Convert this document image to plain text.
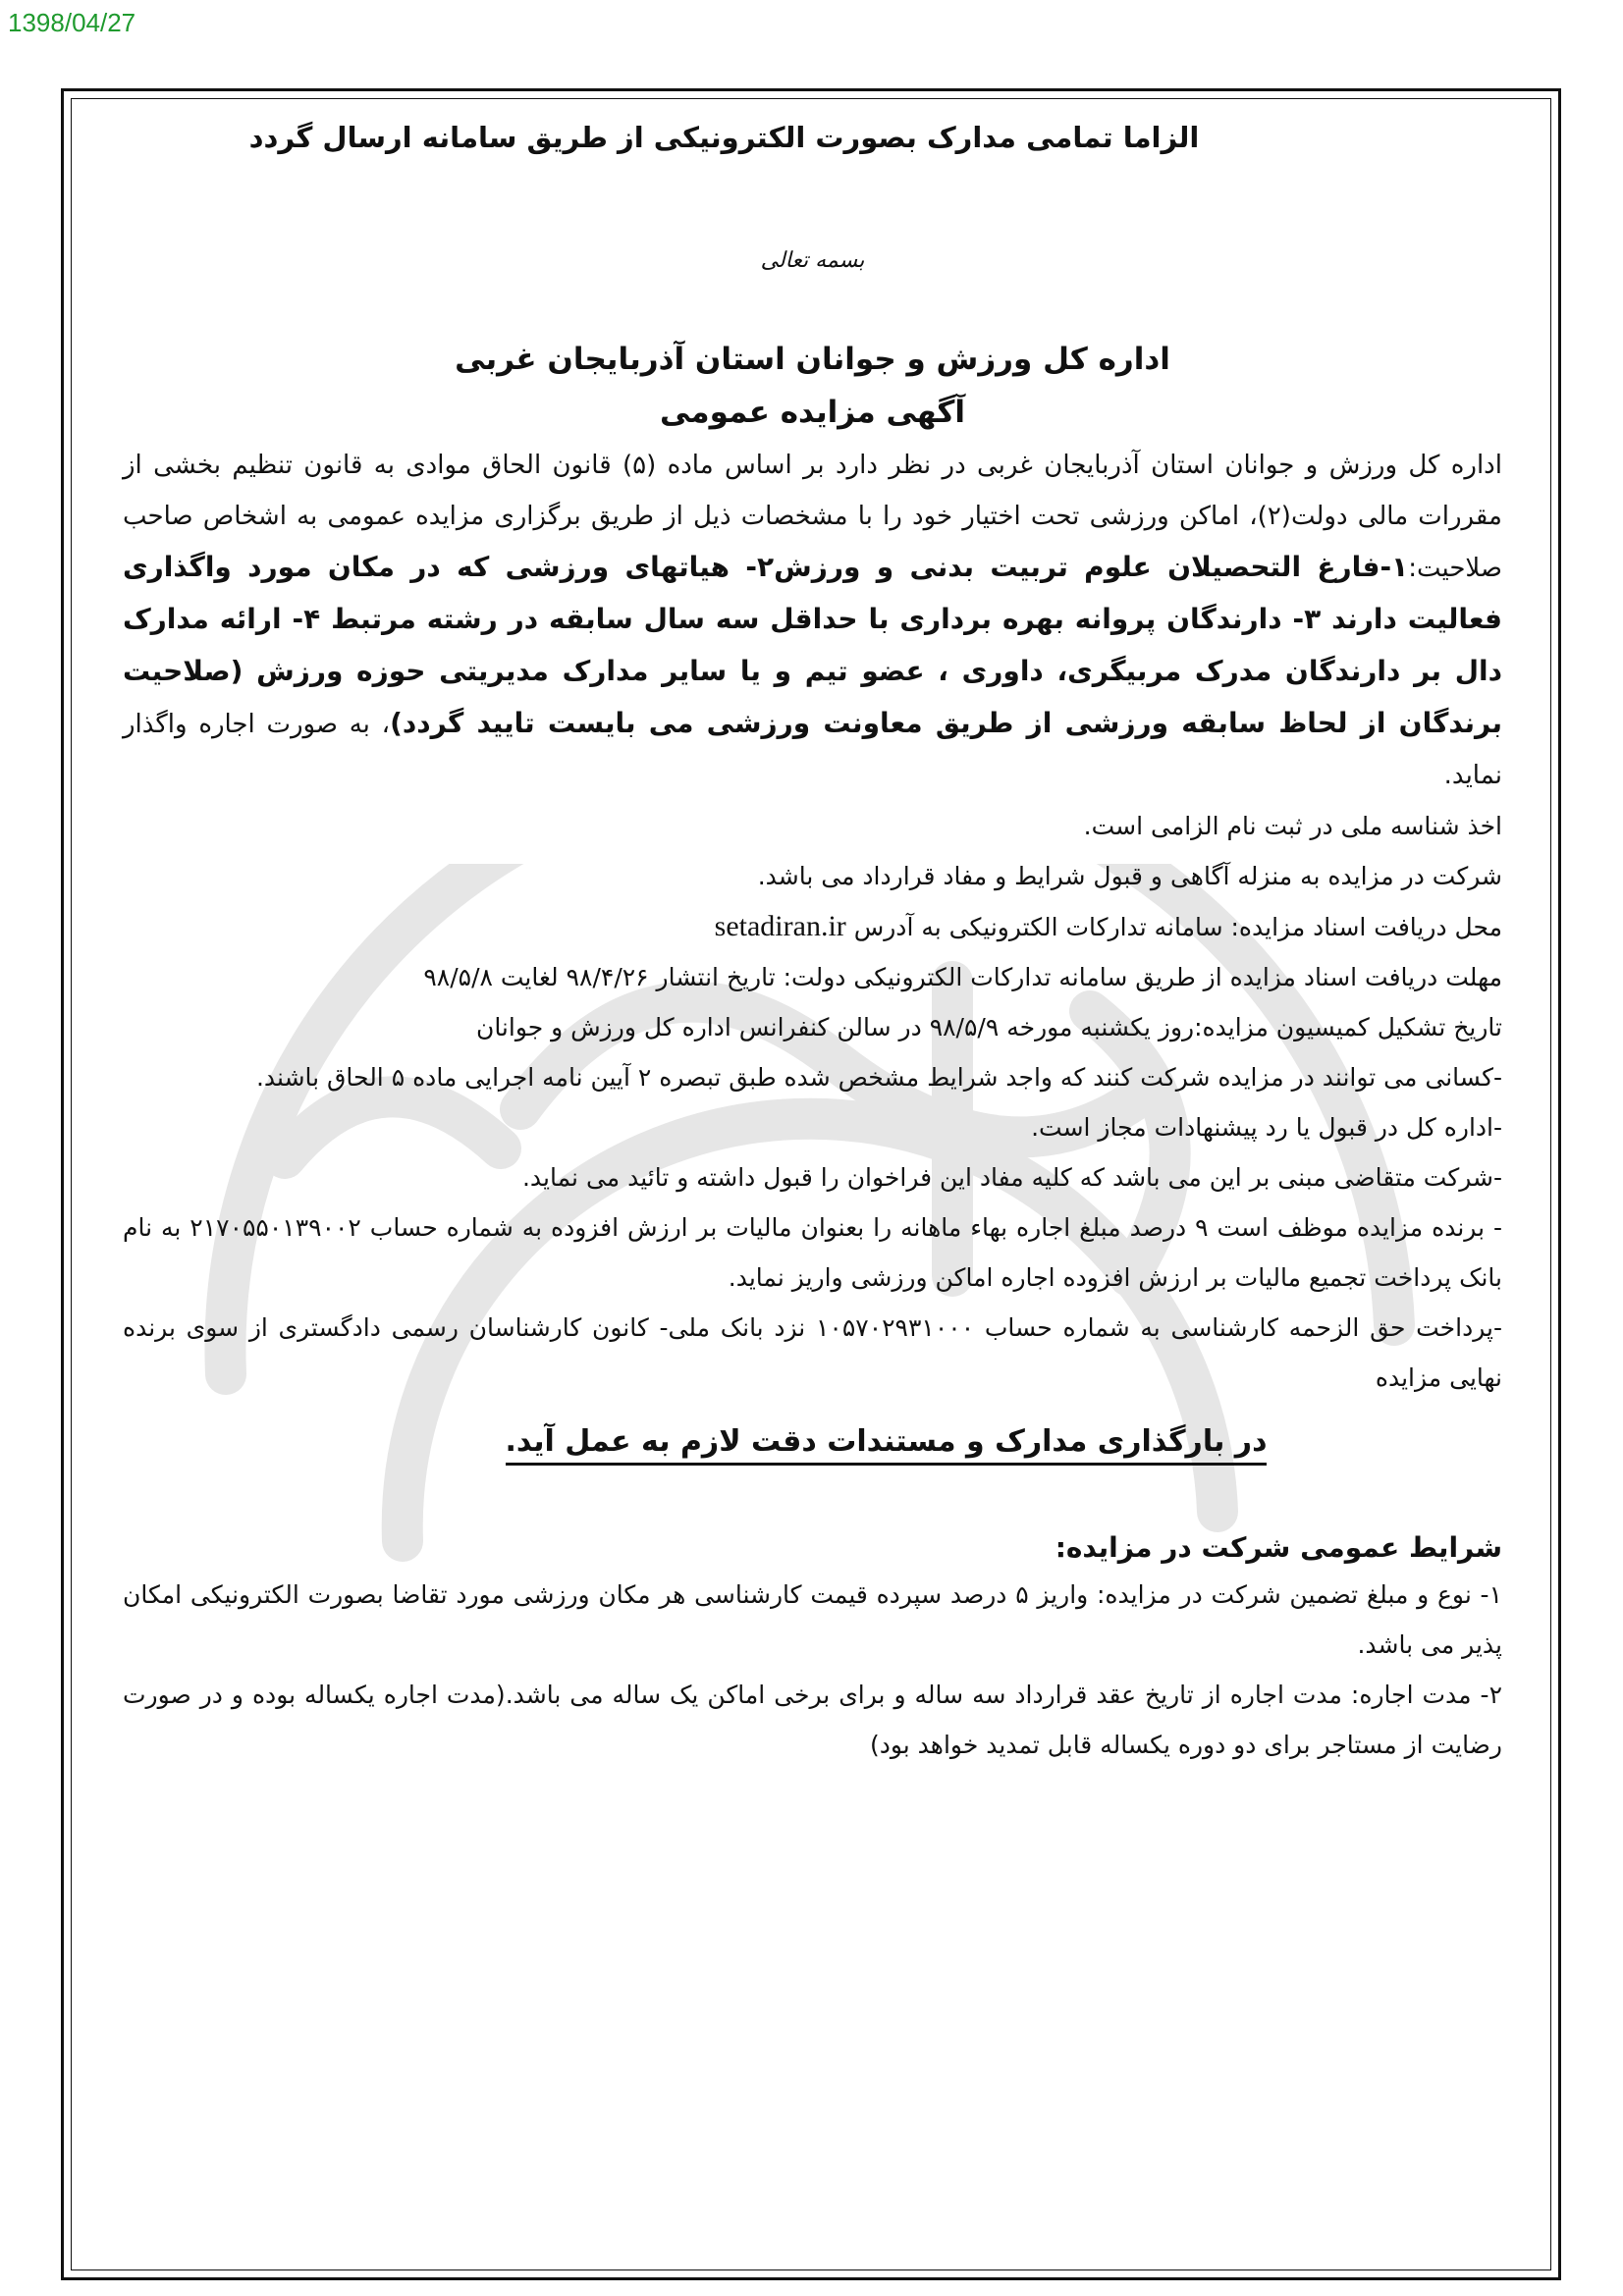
1398/04/27

الزاما تمامی مدارک بصورت الکترونیکی از طریق سامانه ارسال گردد

بسمه تعالی

اداره کل ورزش و جوانان استان آذربایجان غربی

آگهی مزایده عمومی

اداره کل ورزش و جوانان استان آذربایجان غربی در نظر دارد بر اساس ماده (۵) قانون الحاق موادی به قانون تنظیم بخشی از مقررات مالی دولت(۲)، اماکن ورزشی تحت اختیار خود را با مشخصات ذیل از طریق برگزاری مزایده عمومی به اشخاص صاحب صلاحیت:۱-فارغ التحصیلان علوم تربیت بدنی و ورزش۲- هیاتهای ورزشی که در مکان مورد واگذاری فعالیت دارند ۳- دارندگان پروانه بهره برداری با حداقل سه سال سابقه در رشته مرتبط ۴- ارائه مدارک دال بر دارندگان مدرک مربیگری، داوری ، عضو تیم و یا سایر مدارک مدیریتی حوزه ورزش (صلاحیت برندگان از لحاظ سابقه ورزشی از طریق معاونت ورزشی می بایست تایید گردد)، به صورت اجاره واگذار نماید.

اخذ شناسه ملی در ثبت نام الزامی است.

شرکت در مزایده به منزله آگاهی و قبول شرایط و مفاد قرارداد می باشد.

محل دریافت اسناد مزایده: سامانه تدارکات الکترونیکی به آدرس setadiran.ir

مهلت دریافت اسناد مزایده از طریق سامانه تدارکات الکترونیکی دولت: تاریخ انتشار ۹۸/۴/۲۶ لغایت ۹۸/۵/۸

تاریخ تشکیل کمیسیون مزایده:روز یکشنبه مورخه ۹۸/۵/۹ در سالن کنفرانس اداره کل ورزش و جوانان

-کسانی می توانند در مزایده شرکت کنند که واجد شرایط مشخص شده طبق تبصره ۲ آیین نامه اجرایی ماده ۵ الحاق باشند.

-اداره کل در قبول یا رد پیشنهادات مجاز است.

-شرکت متقاضی مبنی بر این می باشد که کلیه مفاد این فراخوان را قبول داشته و تائید می نماید.

- برنده مزایده موظف است ۹ درصد مبلغ اجاره بهاء ماهانه را بعنوان مالیات بر ارزش افزوده به شماره حساب ۲۱۷۰۵۵۰۱۳۹۰۰۲ به نام بانک پرداخت تجمیع مالیات بر ارزش افزوده اجاره اماکن ورزشی واریز نماید.

-پرداخت حق الزحمه کارشناسی به شماره حساب ۱۰۵۷۰۲۹۳۱۰۰۰ نزد بانک ملی- کانون کارشناسان رسمی دادگستری از سوی برنده نهایی مزایده

در بارگذاری مدارک و مستندات دقت لازم به عمل آید.

شرایط عمومی شرکت در مزایده:

۱- نوع و مبلغ تضمین شرکت در مزایده: واریز ۵ درصد سپرده قیمت کارشناسی هر مکان ورزشی مورد تقاضا بصورت الکترونیکی امکان پذیر می باشد.

۲- مدت اجاره: مدت اجاره از تاریخ عقد قرارداد سه ساله و برای برخی اماکن یک ساله می باشد.(مدت اجاره یکساله بوده و در صورت رضایت از مستاجر برای دو دوره یکساله قابل تمدید خواهد بود)
